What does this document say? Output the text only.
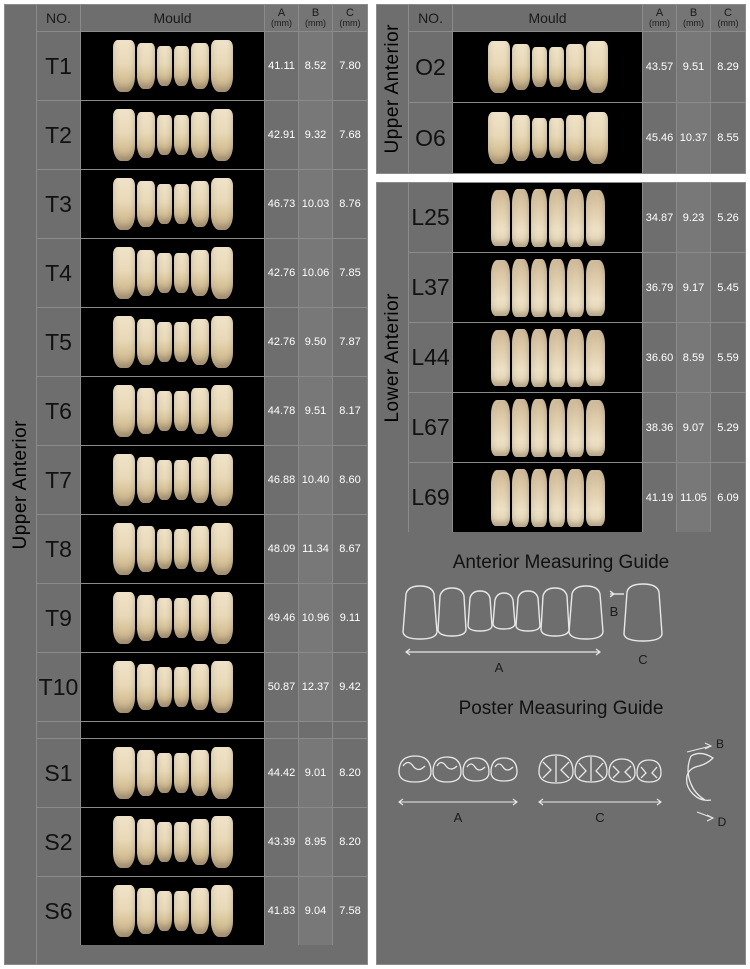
Upper Anterior
NO.	Mould	A
(mm)
B
(mm)
C
(mm)
T1	41.11 8.52	7.80
T2	42.91 9.32	7.68
T3	46.73 10.03 8.76
T4	42.76 10.06 7.85
T5	42.76 9.50	7.87
T6	44.78 9.51	8.17
T7	46.88 10.40 8.60
T8	48.09 11.34 8.67
T9	49.46 10.96 9.11
T10	50.87 12.37 9.42
S1	44.42 9.01	8.20
S2	43.39 8.95	8.20
S6	41.83 9.04	7.58
Upper Anterior
NO.	Mould	A
(mm)
B
(mm)
C
(mm)
O2	43.57 9.51	8.29
O6	45.46 10.37 8.55
Lower Anterior
L25	34.87 9.23	5.26
L37	36.79 9.17	5.45
L44	36.60 8.59	5.59
L67	38.36 9.07	5.29
L69	41.19 11.05 6.09
Anterior Measuring Guide
A
B
C
Poster Measuring Guide
A	C
B
D
